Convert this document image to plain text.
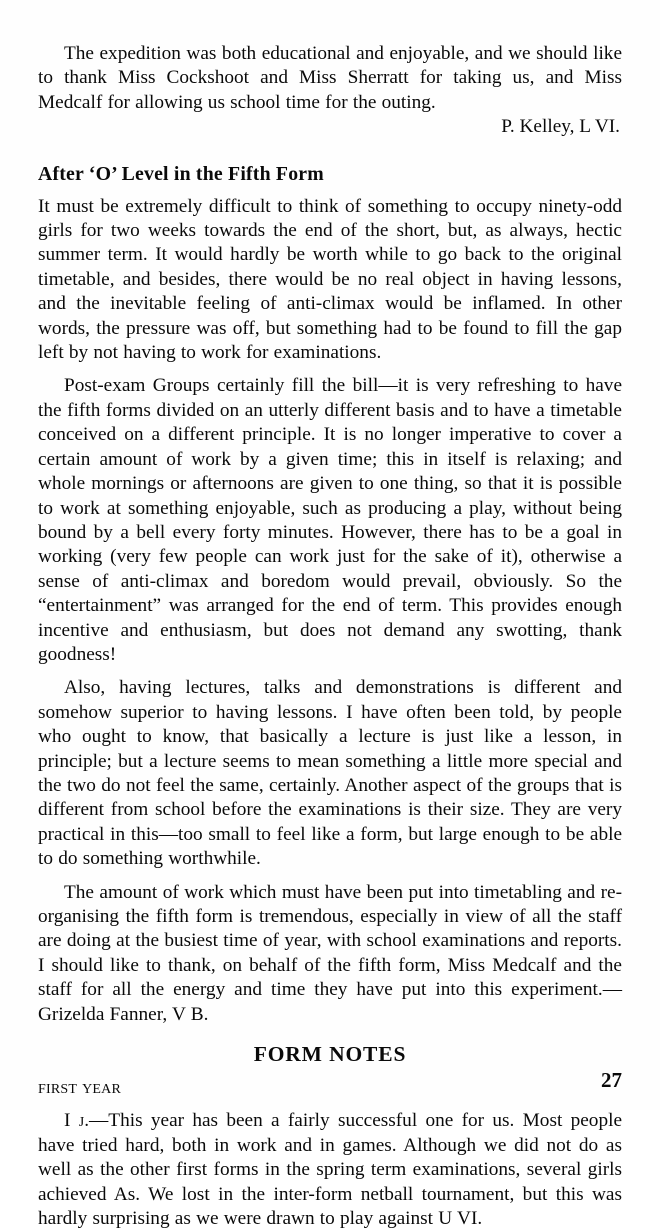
The expedition was both educational and enjoyable, and we should like to thank Miss Cockshoot and Miss Sherratt for taking us, and Miss Medcalf for allowing us school time for the outing.

P. Kelley, L VI.

After ‘O’ Level in the Fifth Form

It must be extremely difficult to think of something to occupy ninety-odd girls for two weeks towards the end of the short, but, as always, hectic summer term. It would hardly be worth while to go back to the original timetable, and besides, there would be no real object in having lessons, and the inevitable feeling of anti-climax would be inflamed. In other words, the pressure was off, but something had to be found to fill the gap left by not having to work for examinations.

Post-exam Groups certainly fill the bill—it is very refreshing to have the fifth forms divided on an utterly different basis and to have a timetable conceived on a different principle. It is no longer imperative to cover a certain amount of work by a given time; this in itself is relaxing; and whole mornings or afternoons are given to one thing, so that it is possible to work at something enjoyable, such as producing a play, without being bound by a bell every forty minutes. However, there has to be a goal in working (very few people can work just for the sake of it), otherwise a sense of anti-climax and boredom would prevail, obviously. So the “entertainment” was arranged for the end of term. This provides enough incentive and enthusiasm, but does not demand any swotting, thank goodness!

Also, having lectures, talks and demonstrations is different and somehow superior to having lessons. I have often been told, by people who ought to know, that basically a lecture is just like a lesson, in principle; but a lecture seems to mean something a little more special and the two do not feel the same, certainly. Another aspect of the groups that is different from school before the examinations is their size. They are very practical in this—too small to feel like a form, but large enough to be able to do something worthwhile.

The amount of work which must have been put into timetabling and re-organising the fifth form is tremendous, especially in view of all the staff are doing at the busiest time of year, with school examinations and reports. I should like to thank, on behalf of the fifth form, Miss Medcalf and the staff for all the energy and time they have put into this experiment.—Grizelda Fanner, V B.

FORM NOTES

first year

I j.—This year has been a fairly successful one for us. Most people have tried hard, both in work and in games. Although we did not do as well as the other first forms in the spring term examinations, several girls achieved As. We lost in the inter-form netball tournament, but this was hardly surprising as we were drawn to play against U VI.

27
